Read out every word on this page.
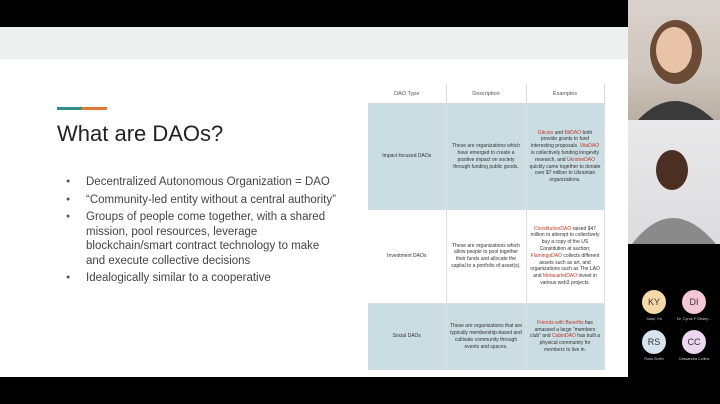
What are DAOs?
● Decentralized Autonomous Organization = DAO
● “Community-led entity without a central authority”
● Groups of people come together, with a shared mission, pool resources, leverage blockchain/smart contract technology to make and execute collective decisions
● Idealogically similar to a cooperative
DAO Type	Description	Examples
Impact-focused DAOs	These are organizations which have emerged to create a positive impact on society through funding public goods.	Gitcoin and BitDAO both provide grants to fund interesting proposals. VitaDAO is collectively funding longevity research, and UkraineDAO quickly came together to donate over $7 million to Ukrainian organizations.
Investment DAOs	These are organizations which allow people to pool together their funds and allocate the capital to a portfolio of asset(s).	ConstitutionDAO raised $47 million to attempt to collectively buy a copy of the US Constitution at auction; FlamingoDAO collects different assets such as art, and organizations such as The LAO and MetacartelDAO invest in various web3 projects.
Social DAOs	These are organizations that are typically membership-based and cultivate community through events and spaces.	Friends with Benefits has amassed a large “members club” and CabinDAO has built a physical community for members to live in.
KY
Yasin, Kri
DI
Dr. Cyrus F Obsey...
RS
Ross Smith
CC
Cassandra Collins
